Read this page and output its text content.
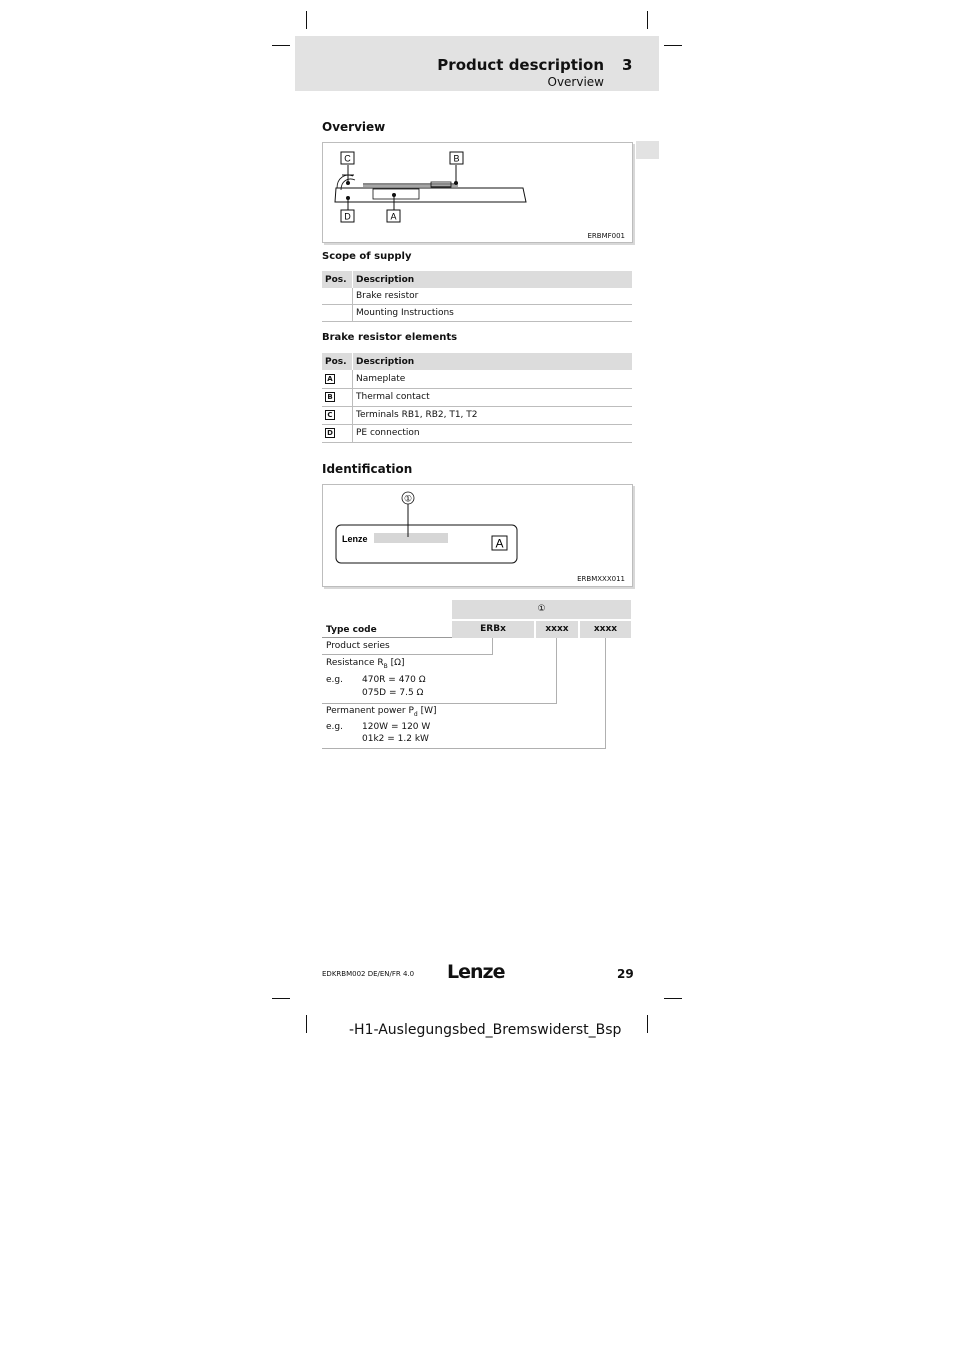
Product description 3
Overview
Overview
C	B
D	A
ERBMF001
Scope of supply
Pos.	Description
	Brake resistor
	Mounting Instructions
Brake resistor elements
Pos.	Description
A	Nameplate
B	Thermal contact
C	Terminals RB1, RB2, T1, T2
D	PE connection
Identification
①
Lenze	A
ERBMXXX011
①
ERBx	xxxx	xxxx
Type code
Product series
Resistance $R_B$ [Ω]
e.g. 470R = 470 Ω
075D = 7.5 Ω
Permanent power $P_d$ [W]
e.g. 120W = 120 W
01k2 = 1.2 kW
EDKRBM002 DE/EN/FR 4.0 Lenze	29
-H1-Auslegungsbed_Bremswiderst_Bsp
